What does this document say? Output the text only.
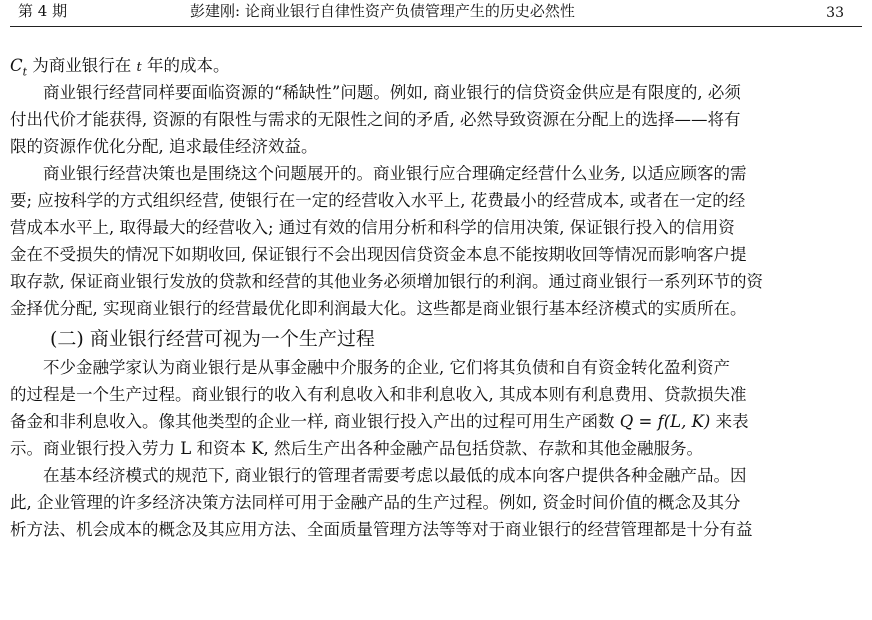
第 4 期	彭建刚: 论商业银行自律性资产负债管理产生的历史必然性	33
$C_t$ 为商业银行在 t 年的成本。
商业银行经营同样要面临资源的“稀缺性”问题。例如, 商业银行的信贷资金供应是有限度的, 必须
付出代价才能获得, 资源的有限性与需求的无限性之间的矛盾, 必然导致资源在分配上的选择——将有
限的资源作优化分配, 追求最佳经济效益。
商业银行经营决策也是围绕这个问题展开的。商业银行应合理确定经营什么业务, 以适应顾客的需
要; 应按科学的方式组织经营, 使银行在一定的经营收入水平上, 花费最小的经营成本, 或者在一定的经
营成本水平上, 取得最大的经营收入; 通过有效的信用分析和科学的信用决策, 保证银行投入的信用资
金在不受损失的情况下如期收回, 保证银行不会出现因信贷资金本息不能按期收回等情况而影响客户提
取存款, 保证商业银行发放的贷款和经营的其他业务必须增加银行的利润。通过商业银行一系列环节的资
金择优分配, 实现商业银行的经营最优化即利润最大化。这些都是商业银行基本经济模式的实质所在。
(二) 商业银行经营可视为一个生产过程
不少金融学家认为商业银行是从事金融中介服务的企业, 它们将其负债和自有资金转化盈利资产
的过程是一个生产过程。商业银行的收入有利息收入和非利息收入, 其成本则有利息费用、贷款损失准
备金和非利息收入。像其他类型的企业一样, 商业银行投入产出的过程可用生产函数 Q = f(L, K) 来表
示。商业银行投入劳力 L 和资本 K, 然后生产出各种金融产品包括贷款、存款和其他金融服务。
在基本经济模式的规范下, 商业银行的管理者需要考虑以最低的成本向客户提供各种金融产品。因
此, 企业管理的许多经济决策方法同样可用于金融产品的生产过程。例如, 资金时间价值的概念及其分
析方法、机会成本的概念及其应用方法、全面质量管理方法等等对于商业银行的经营管理都是十分有益
